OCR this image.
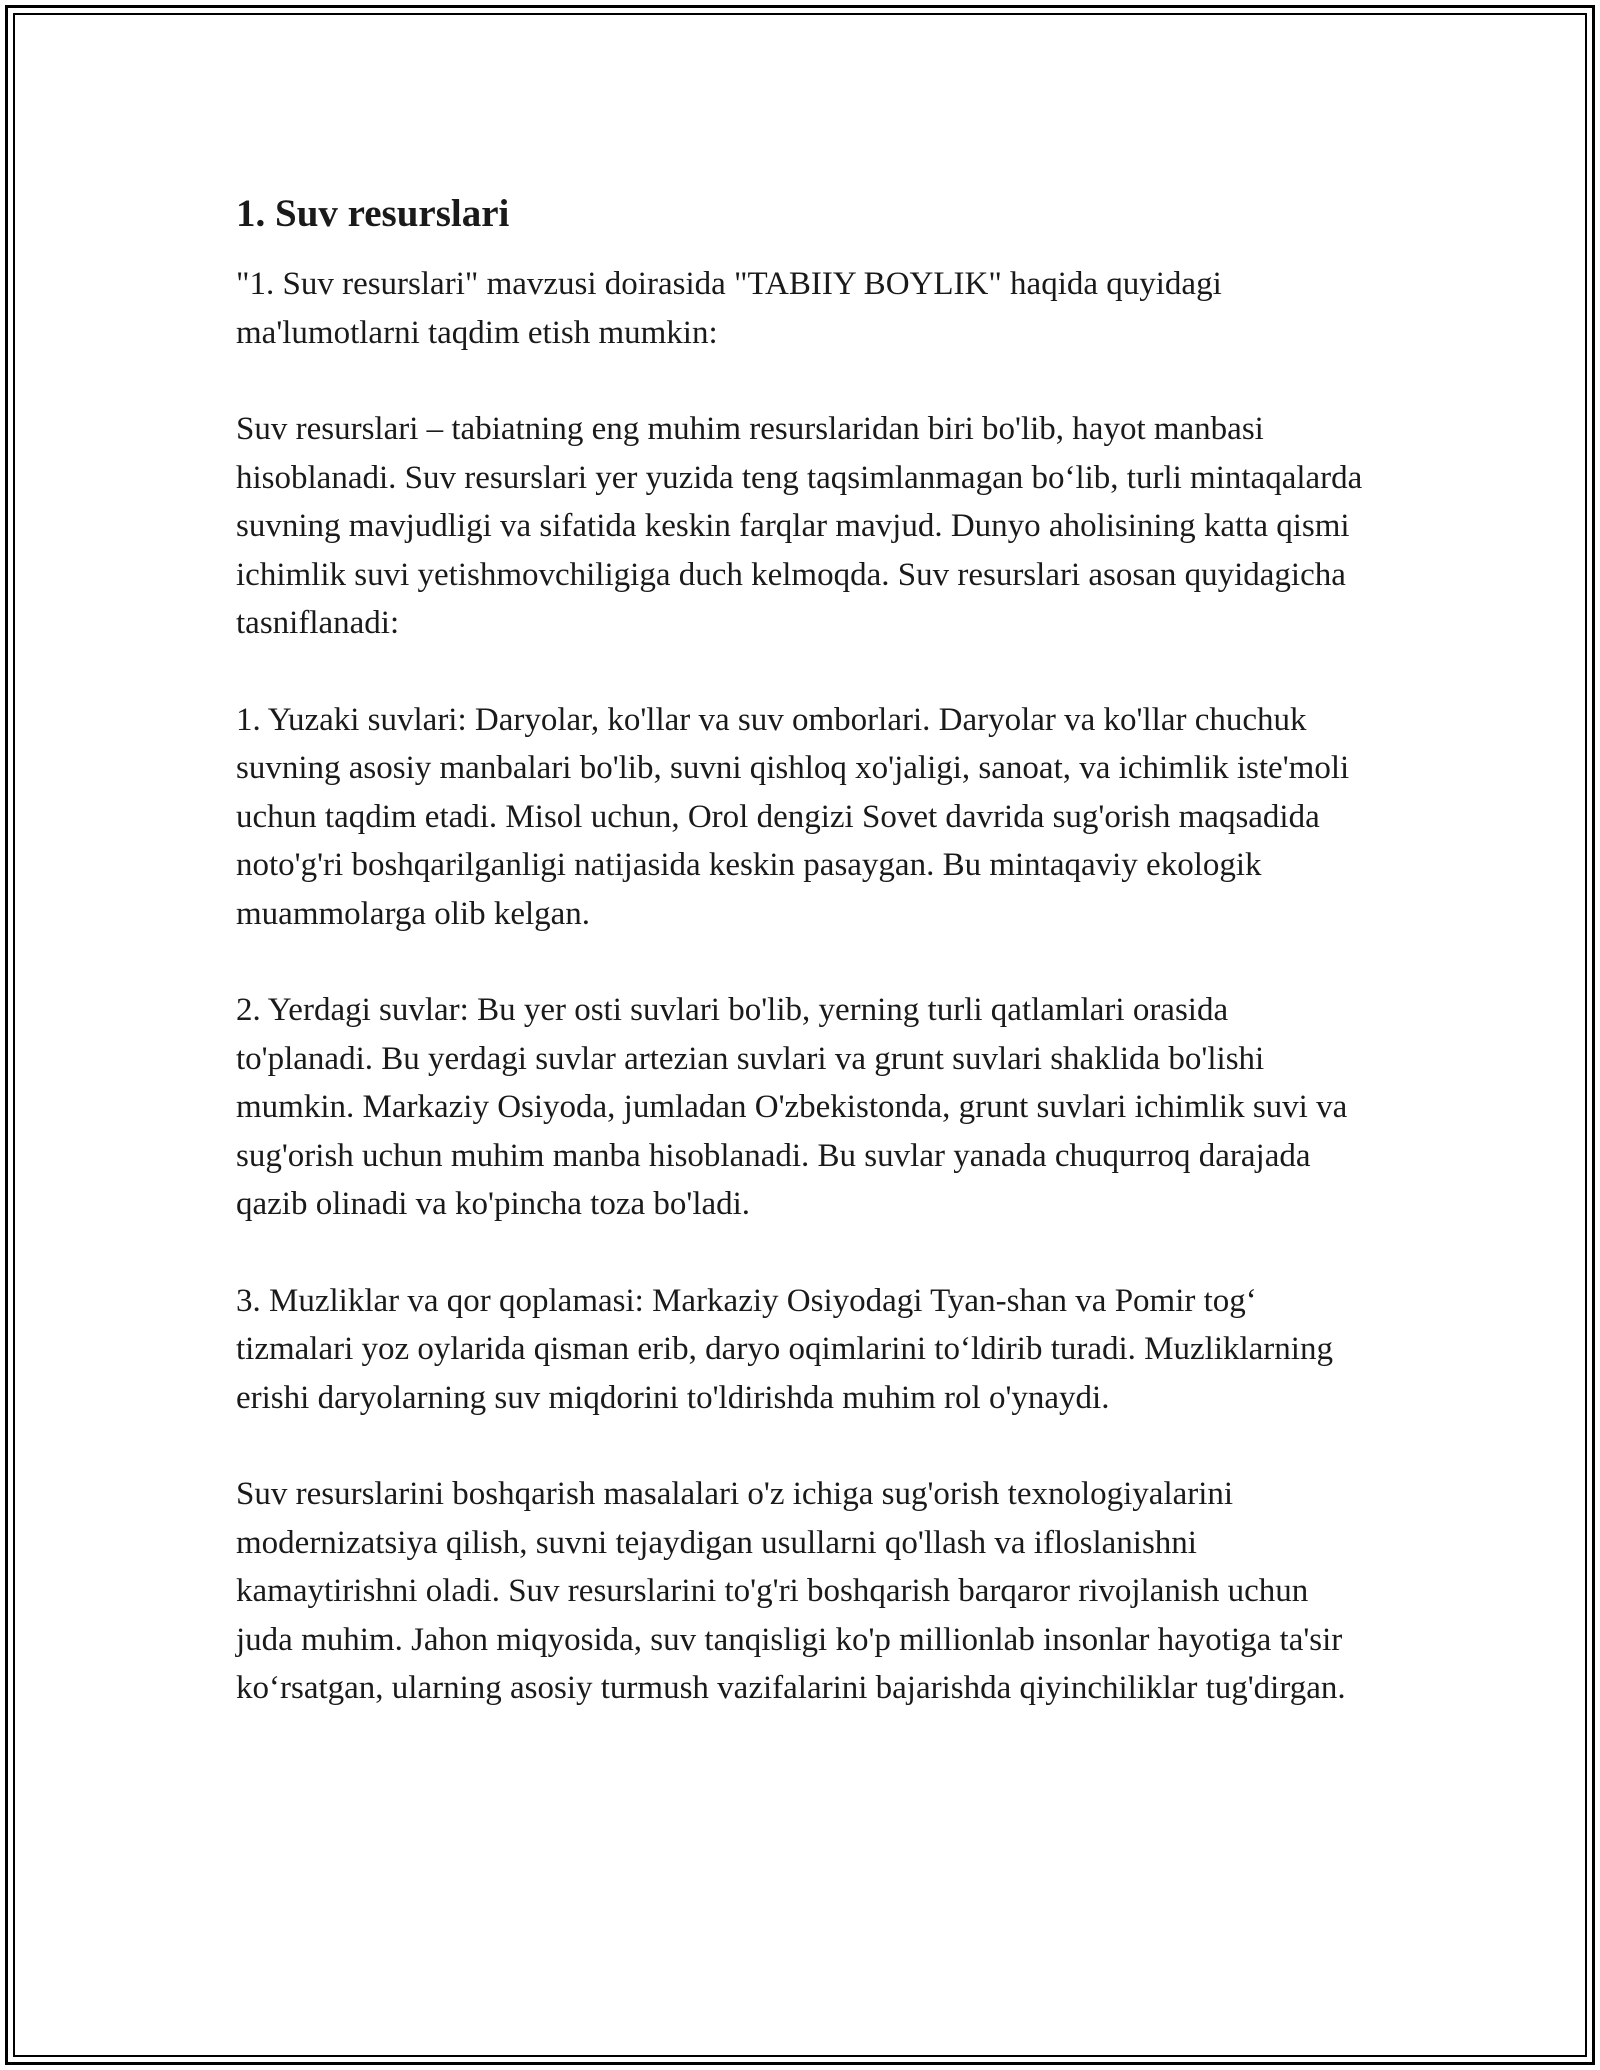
1. Suv resurslari

"1. Suv resurslari" mavzusi doirasida "TABIIY BOYLIK" haqida quyidagi ma'lumotlarni taqdim etish mumkin:

Suv resurslari – tabiatning eng muhim resurslaridan biri bo'lib, hayot manbasi hisoblanadi. Suv resurslari yer yuzida teng taqsimlanmagan bo‘lib, turli mintaqalarda suvning mavjudligi va sifatida keskin farqlar mavjud. Dunyo aholisining katta qismi ichimlik suvi yetishmovchiligiga duch kelmoqda. Suv resurslari asosan quyidagicha tasniflanadi:

1. Yuzaki suvlari: Daryolar, ko'llar va suv omborlari. Daryolar va ko'llar chuchuk suvning asosiy manbalari bo'lib, suvni qishloq xo'jaligi, sanoat, va ichimlik iste'moli uchun taqdim etadi. Misol uchun, Orol dengizi Sovet davrida sug'orish maqsadida noto'g'ri boshqarilganligi natijasida keskin pasaygan. Bu mintaqaviy ekologik muammolarga olib kelgan.

2. Yerdagi suvlar: Bu yer osti suvlari bo'lib, yerning turli qatlamlari orasida to'planadi. Bu yerdagi suvlar artezian suvlari va grunt suvlari shaklida bo'lishi mumkin. Markaziy Osiyoda, jumladan O'zbekistonda, grunt suvlari ichimlik suvi va sug'orish uchun muhim manba hisoblanadi. Bu suvlar yanada chuqurroq darajada qazib olinadi va ko'pincha toza bo'ladi.

3. Muzliklar va qor qoplamasi: Markaziy Osiyodagi Tyan-shan va Pomir tog‘ tizmalari yoz oylarida qisman erib, daryo oqimlarini to‘ldirib turadi. Muzliklarning erishi daryolarning suv miqdorini to'ldirishda muhim rol o'ynaydi.

Suv resurslarini boshqarish masalalari o'z ichiga sug'orish texnologiyalarini modernizatsiya qilish, suvni tejaydigan usullarni qo'llash va ifloslanishni kamaytirishni oladi. Suv resurslarini to'g'ri boshqarish barqaror rivojlanish uchun juda muhim. Jahon miqyosida, suv tanqisligi ko'p millionlab insonlar hayotiga ta'sir ko‘rsatgan, ularning asosiy turmush vazifalarini bajarishda qiyinchiliklar tug'dirgan.
